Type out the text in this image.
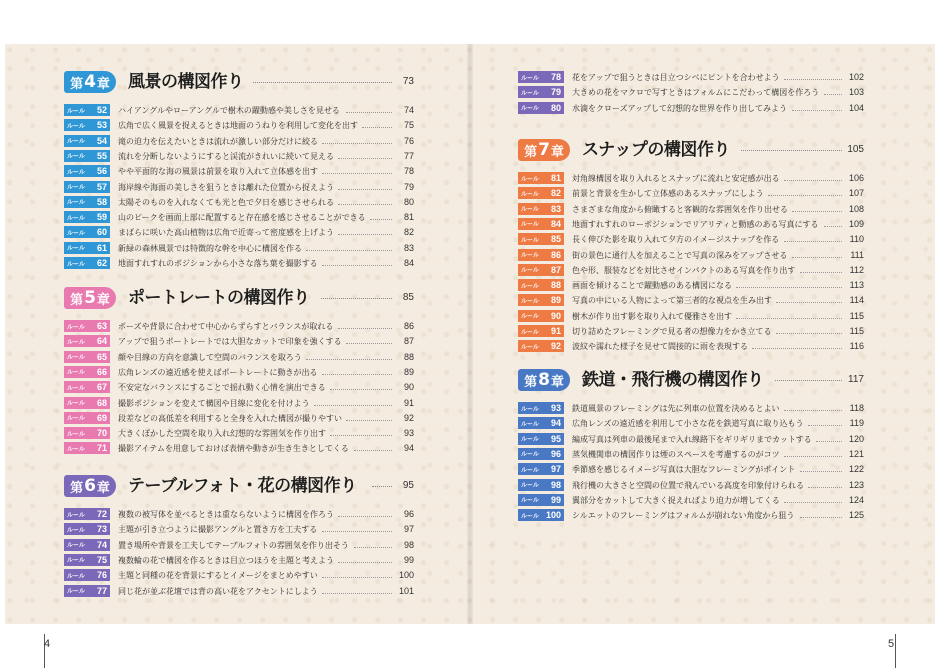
4	5
第 4 章 風景の構図作り	73
ルール 52 ハイアングルやローアングルで樹木の躍動感や美しさを見せる	74
ルール 53 広角で広く風景を捉えるときは地面のうねりを利用して変化を出す	75
ルール 54 滝の迫力を伝えたいときは流れが激しい部分だけに絞る	76
ルール 55 流れを分断しないようにすると渓流がきれいに続いて見える	77
ルール 56 やや平面的な海の風景は前景を取り入れて立体感を出す	78
ルール 57 海岸線や海面の美しさを狙うときは離れた位置から捉えよう	79
ルール 58 太陽そのものを入れなくても光と色で夕日を感じさせられる	80
ルール 59 山のピークを画面上部に配置すると存在感を感じさせることができる	81
ルール 60 まばらに咲いた高山植物は広角で近寄って密度感を上げよう	82
ルール 61 新緑の森林風景では特徴的な幹を中心に構図を作る	83
ルール 62 地面すれすれのポジションから小さな落ち葉を撮影する	84
第 5 章 ポートレートの構図作り	85
ルール 63 ポーズや背景に合わせて中心からずらすとバランスが取れる	86
ルール 64 アップで狙うポートレートでは大胆なカットで印象を強くする	87
ルール 65 顔や目線の方向を意識して空間のバランスを取ろう	88
ルール 66 広角レンズの遠近感を使えばポートレートに動きが出る	89
ルール 67 不安定なバランスにすることで揺れ動く心情を演出できる	90
ルール 68 撮影ポジションを変えて構図や目線に変化を付けよう	91
ルール 69 段差などの高低差を利用すると全身を入れた構図が撮りやすい	92
ルール 70 大きくぼかした空間を取り入れ幻想的な雰囲気を作り出す	93
ルール 71 撮影アイテムを用意しておけば表情や動きが生き生きとしてくる	94
第 6 章 テーブルフォト・花の構図作り	95
ルール 72 複数の被写体を並べるときは重ならないように構図を作ろう	96
ルール 73 主題が引き立つように撮影アングルと置き方を工夫する	97
ルール 74 置き場所や背景を工夫してテーブルフォトの雰囲気を作り出そう	98
ルール 75 複数輪の花で構図を作るときは目立つほうを主題と考えよう	99
ルール 76 主題と同種の花を背景にするとイメージをまとめやすい	100
ルール 77 同じ花が並ぶ花壇では背の高い花をアクセントにしよう	101
ルール 78 花をアップで狙うときは目立つシベにピントを合わせよう	102
ルール 79 大きめの花をマクロで写すときはフォルムにこだわって構図を作ろう	103
ルール 80 水滴をクローズアップして幻想的な世界を作り出してみよう	104
第 7 章 スナップの構図作り	105
ルール 81 対角線構図を取り入れるとスナップに流れと安定感が出る	106
ルール 82 前景と背景を生かして立体感のあるスナップにしよう	107
ルール 83 さまざまな角度から俯瞰すると客観的な雰囲気を作り出せる	108
ルール 84 地面すれすれのローポジションでリアリティと動感のある写真にする	109
ルール 85 長く伸びた影を取り入れて夕方のイメージスナップを作る	110
ルール 86 街の景色に通行人を加えることで写真の深みをアップさせる	111
ルール 87 色や形、服装などを対比させインパクトのある写真を作り出す	112
ルール 88 画面を傾けることで躍動感のある構図になる	113
ルール 89 写真の中にいる人物によって第三者的な視点を生み出す	114
ルール 90 樹木が作り出す影を取り入れて優雅さを出す	115
ルール 91 切り詰めたフレーミングで見る者の想像力をかき立てる	115
ルール 92 波紋や濡れた様子を見せて間接的に雨を表現する	116
第 8 章 鉄道・飛行機の構図作り	117
ルール 93 鉄道風景のフレーミングは先に列車の位置を決めるとよい	118
ルール 94 広角レンズの遠近感を利用して小さな花を鉄道写真に取り込もう	119
ルール 95 編成写真は列車の最後尾まで入れ線路下をギリギリまでカットする	120
ルール 96 蒸気機関車の構図作りは煙のスペースを考慮するのがコツ	121
ルール 97 季節感を感じるイメージ写真は大胆なフレーミングがポイント	122
ルール 98 飛行機の大きさと空間の位置で飛んでいる高度を印象付けられる	123
ルール 99 翼部分をカットして大きく捉えればより迫力が増してくる	124
ルール 100 シルエットのフレーミングはフォルムが崩れない角度から狙う	125
